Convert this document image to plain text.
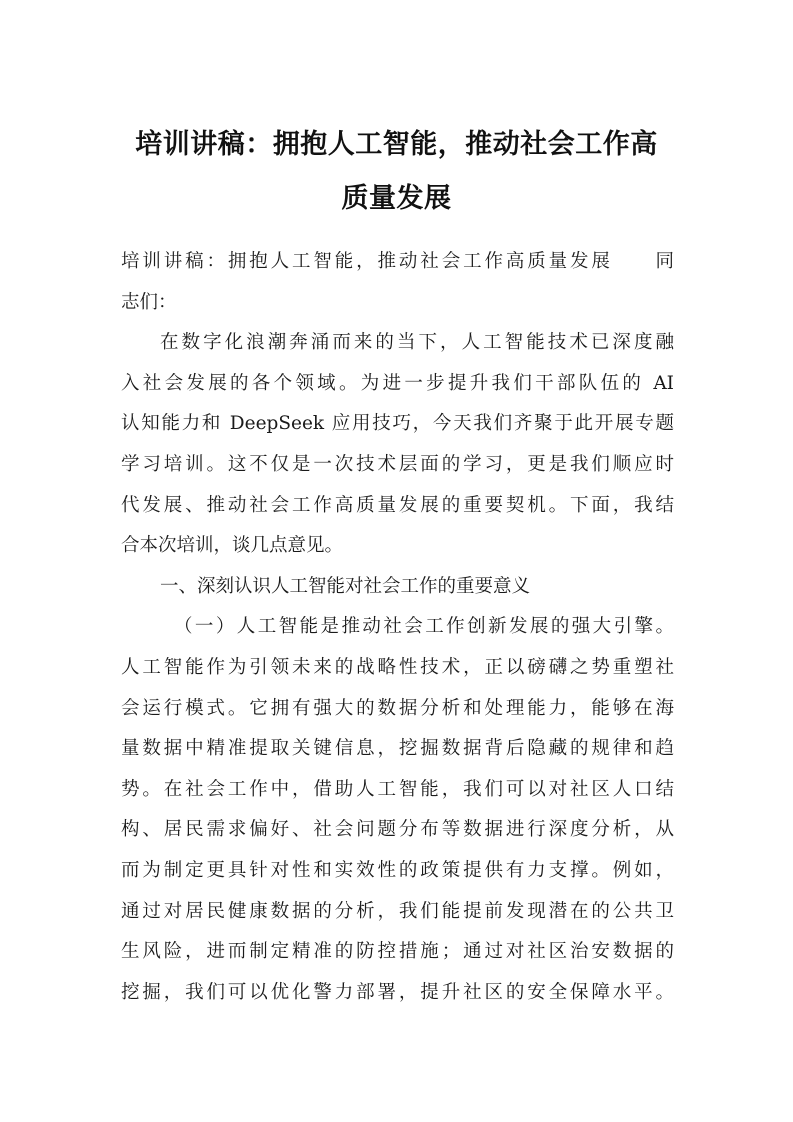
培训讲稿：拥抱人工智能，推动社会工作高
质量发展
培训讲稿：拥抱人工智能，推动社会工作高质量发展　　同
志们：
在数字化浪潮奔涌而来的当下，人工智能技术已深度融
入社会发展的各个领域。为进一步提升我们干部队伍的 AI
认知能力和 DeepSeek 应用技巧，今天我们齐聚于此开展专题
学习培训。这不仅是一次技术层面的学习，更是我们顺应时
代发展、推动社会工作高质量发展的重要契机。下面，我结
合本次培训，谈几点意见。
一、深刻认识人工智能对社会工作的重要意义
（一）人工智能是推动社会工作创新发展的强大引擎。
人工智能作为引领未来的战略性技术，正以磅礴之势重塑社
会运行模式。它拥有强大的数据分析和处理能力，能够在海
量数据中精准提取关键信息，挖掘数据背后隐藏的规律和趋
势。在社会工作中，借助人工智能，我们可以对社区人口结
构、居民需求偏好、社会问题分布等数据进行深度分析，从
而为制定更具针对性和实效性的政策提供有力支撑。例如，
通过对居民健康数据的分析，我们能提前发现潜在的公共卫
生风险，进而制定精准的防控措施；通过对社区治安数据的
挖掘，我们可以优化警力部署，提升社区的安全保障水平。
